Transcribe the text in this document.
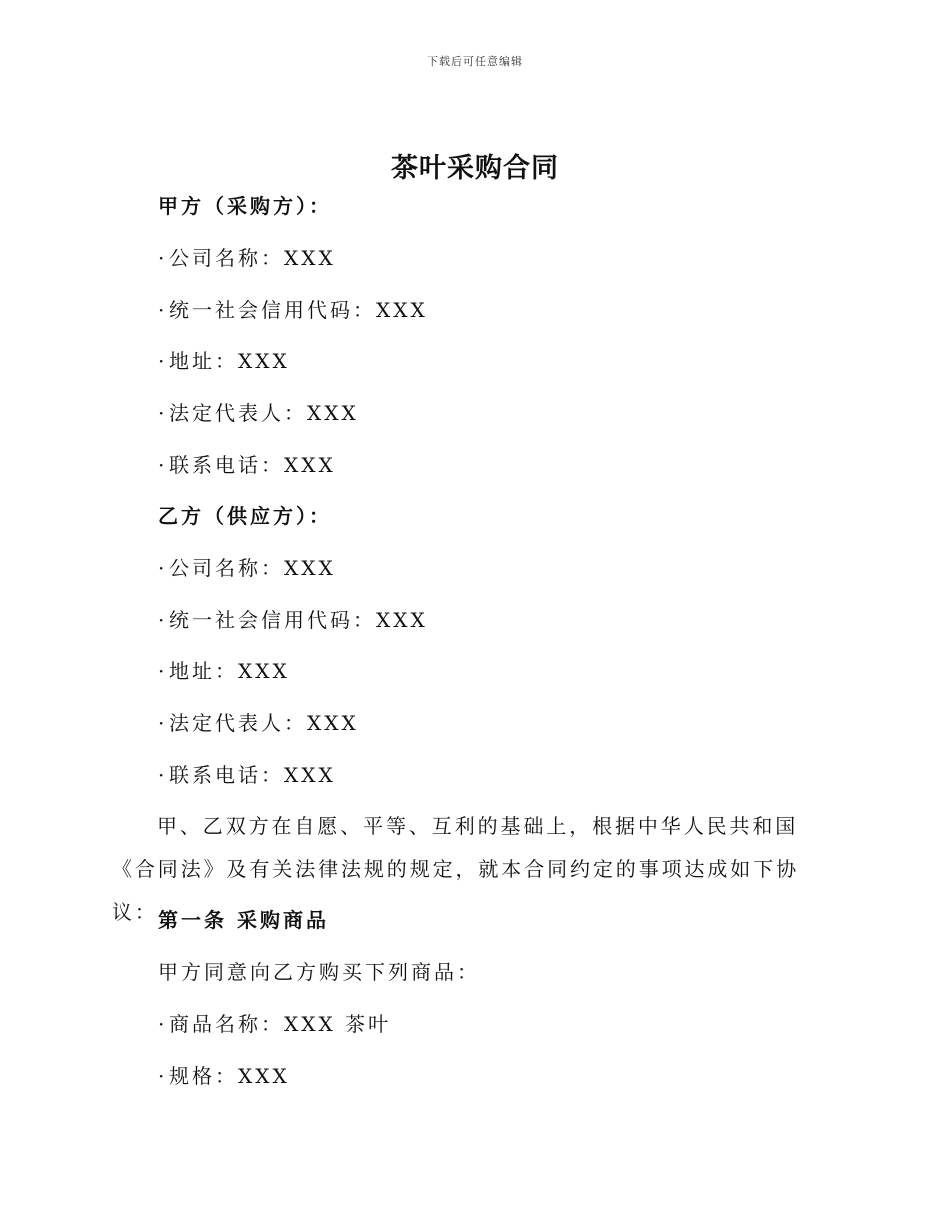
下载后可任意编辑
茶叶采购合同
甲方（采购方）：
· 公司名称：XXX
· 统一社会信用代码：XXX
· 地址：XXX
· 法定代表人：XXX
· 联系电话：XXX
乙方（供应方）：
· 公司名称：XXX
· 统一社会信用代码：XXX
· 地址：XXX
· 法定代表人：XXX
· 联系电话：XXX
甲、乙双方在自愿、平等、互利的基础上，根据中华人民共和国《合同法》及有关法律法规的规定，就本合同约定的事项达成如下协议： 第一条 采购商品
甲方同意向乙方购买下列商品：
· 商品名称：XXX 茶叶
· 规格：XXX
